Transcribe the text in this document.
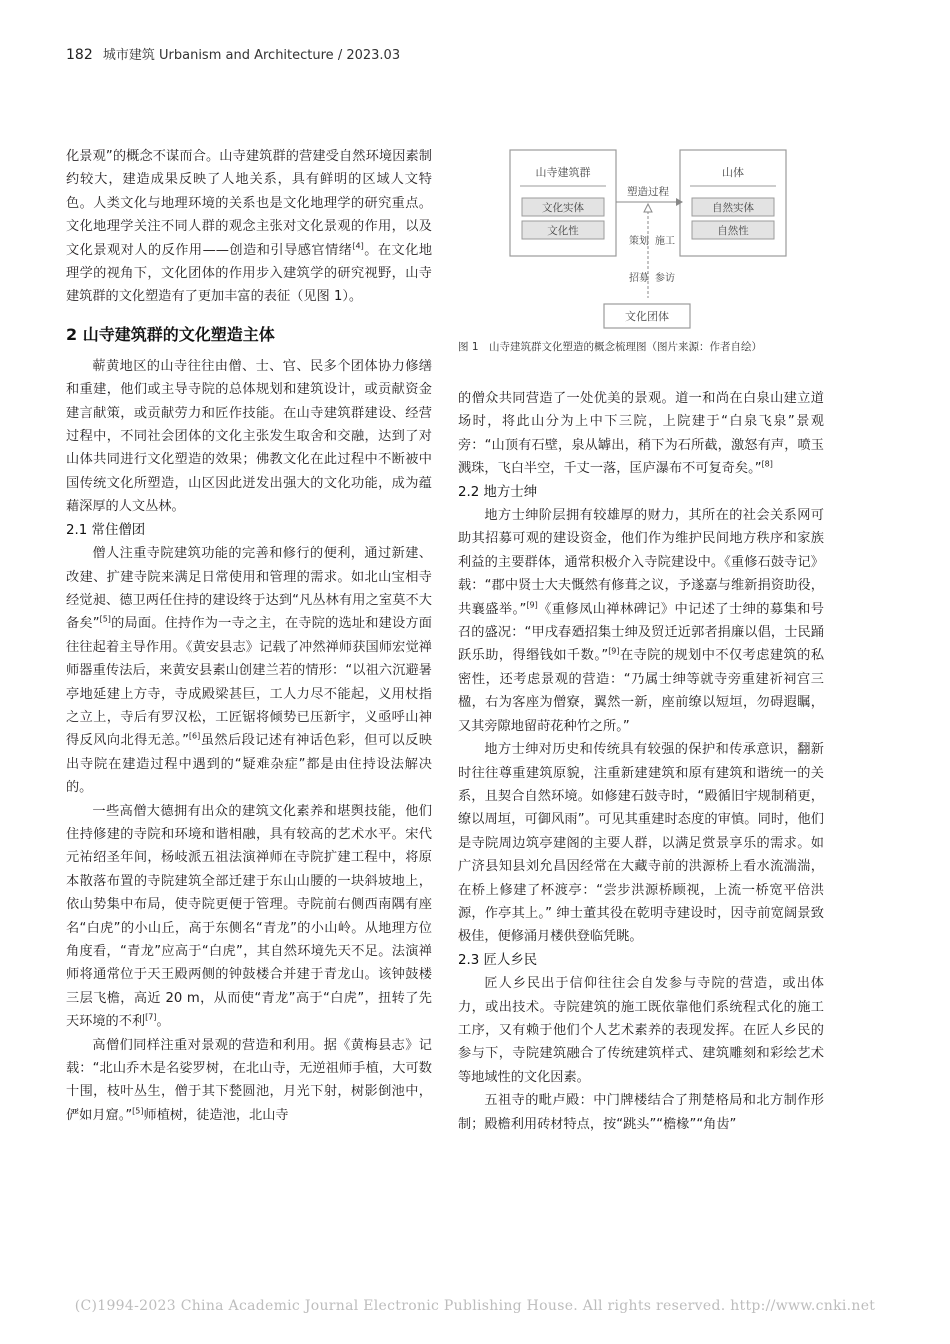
182 城市建筑 Urbanism and Architecture / 2023.03

化景观”的概念不谋而合。山寺建筑群的营建受自然环境因素制约较大，建造成果反映了人地关系，具有鲜明的区域人文特色。人类文化与地理环境的关系也是文化地理学的研究重点。文化地理学关注不同人群的观念主张对文化景观的作用，以及文化景观对人的反作用——创造和引导感官情绪[4]。在文化地理学的视角下，文化团体的作用步入建筑学的研究视野，山寺建筑群的文化塑造有了更加丰富的表征（见图 1）。

2 山寺建筑群的文化塑造主体

蕲黄地区的山寺往往由僧、士、官、民多个团体协力修缮和重建，他们或主导寺院的总体规划和建筑设计，或贡献资金建言献策，或贡献劳力和匠作技能。在山寺建筑群建设、经营过程中，不同社会团体的文化主张发生取舍和交融，达到了对山体共同进行文化塑造的效果；佛教文化在此过程中不断被中国传统文化所塑造，山区因此迸发出强大的文化功能，成为蕴藉深厚的人文丛林。

2.1 常住僧团

僧人注重寺院建筑功能的完善和修行的便利，通过新建、改建、扩建寺院来满足日常使用和管理的需求。如北山宝相寺经觉昶、德卫两任住持的建设终于达到“凡丛林有用之室莫不大备矣”[5]的局面。住持作为一寺之主，在寺院的选址和建设方面往往起着主导作用。《黄安县志》记载了冲然禅师获国师宏觉禅师器重传法后，来黄安县素山创建兰若的情形：“以祖六沉避暑亭地延建上方寺，寺成殿梁甚巨，工人力尽不能起，义用杖指之立上，寺后有罗汉松，工匠锯将倾势已压新宇，义亟呼山神得反风向北得无恙。”[6]虽然后段记述有神话色彩，但可以反映出寺院在建造过程中遇到的“疑难杂症”都是由住持设法解决的。

一些高僧大德拥有出众的建筑文化素养和堪舆技能，他们住持修建的寺院和环境和谐相融，具有较高的艺术水平。宋代元祐绍圣年间，杨岐派五祖法演禅师在寺院扩建工程中，将原本散落布置的寺院建筑全部迁建于东山山腰的一块斜坡地上，依山势集中布局，使寺院更便于管理。寺院前右侧西南隅有座名“白虎”的小山丘，高于东侧名“青龙”的小山岭。从地理方位角度看，“青龙”应高于“白虎”，其自然环境先天不足。法演禅师将通常位于天王殿两侧的钟鼓楼合并建于青龙山。该钟鼓楼三层飞檐，高近 20 m，从而使“青龙”高于“白虎”，扭转了先天环境的不利[7]。

高僧们同样注重对景观的营造和利用。据《黄梅县志》记载：“北山乔木是名娑罗树，在北山寺，无逆祖师手植，大可数十围，枝叶丛生，僧于其下甃圆池，月光下射，树影倒池中，俨如月窟。”[5]师植树，徒造池，北山寺

山寺建筑群
文化实体
文化性
山体
自然实体
自然性
塑造过程
策划
招募
施工
参访
文化团体
图 1　山寺建筑群文化塑造的概念梳理图（图片来源：作者自绘）

的僧众共同营造了一处优美的景观。道一和尚在白泉山建立道场时，将此山分为上中下三院，上院建于“白泉飞泉”景观旁：“山顶有石壁，泉从罅出，稍下为石所截，激怒有声，喷玉溅珠，飞白半空，千丈一落，匡庐瀑布不可复奇矣。”[8]

2.2 地方士绅

地方士绅阶层拥有较雄厚的财力，其所在的社会关系网可助其招募可观的建设资金，他们作为维护民间地方秩序和家族利益的主要群体，通常积极介入寺院建设中。《重修石鼓寺记》载：“郡中贤士大夫慨然有修葺之议，予遂嘉与维新捐资助役，共襄盛举。”[9]《重修凤山禅林碑记》中记述了士绅的募集和号召的盛况：“甲戌春廼招集士绅及贸迁近郭者捐廉以倡，士民踊跃乐助，得缗钱如千数。”[9]在寺院的规划中不仅考虑建筑的私密性，还考虑景观的营造：“乃属士绅等就寺旁重建祈祠宫三楹，右为客座为僧寮，翼然一新，座前缭以短垣，勿碍遐瞩，又其旁隙地留莳花种竹之所。”

地方士绅对历史和传统具有较强的保护和传承意识，翻新时往往尊重建筑原貌，注重新建建筑和原有建筑和谐统一的关系，且契合自然环境。如修建石鼓寺时，“殿循旧宇规制稍更，缭以周垣，可御风雨”。可见其重建时态度的审慎。同时，他们是寺院周边筑亭建阁的主要人群，以满足赏景享乐的需求。如广济县知县刘允昌因经常在大藏寺前的洪源桥上看水流湍湍，在桥上修建了杯渡亭：“尝步洪源桥顾视，上流一桥宽平倍洪源，作亭其上。” 绅士董其役在乾明寺建设时，因寺前宽阔景致极佳，便修涌月楼供登临凭眺。

2.3 匠人乡民

匠人乡民出于信仰往往会自发参与寺院的营造，或出体力，或出技术。寺院建筑的施工既依靠他们系统程式化的施工工序，又有赖于他们个人艺术素养的表现发挥。在匠人乡民的参与下，寺院建筑融合了传统建筑样式、建筑雕刻和彩绘艺术等地域性的文化因素。

五祖寺的毗卢殿：中门牌楼结合了荆楚格局和北方制作形制；殿檐利用砖材特点，按“跳头”“檐椽”“角齿”

(C)1994-2023 China Academic Journal Electronic Publishing House. All rights reserved. http://www.cnki.net
